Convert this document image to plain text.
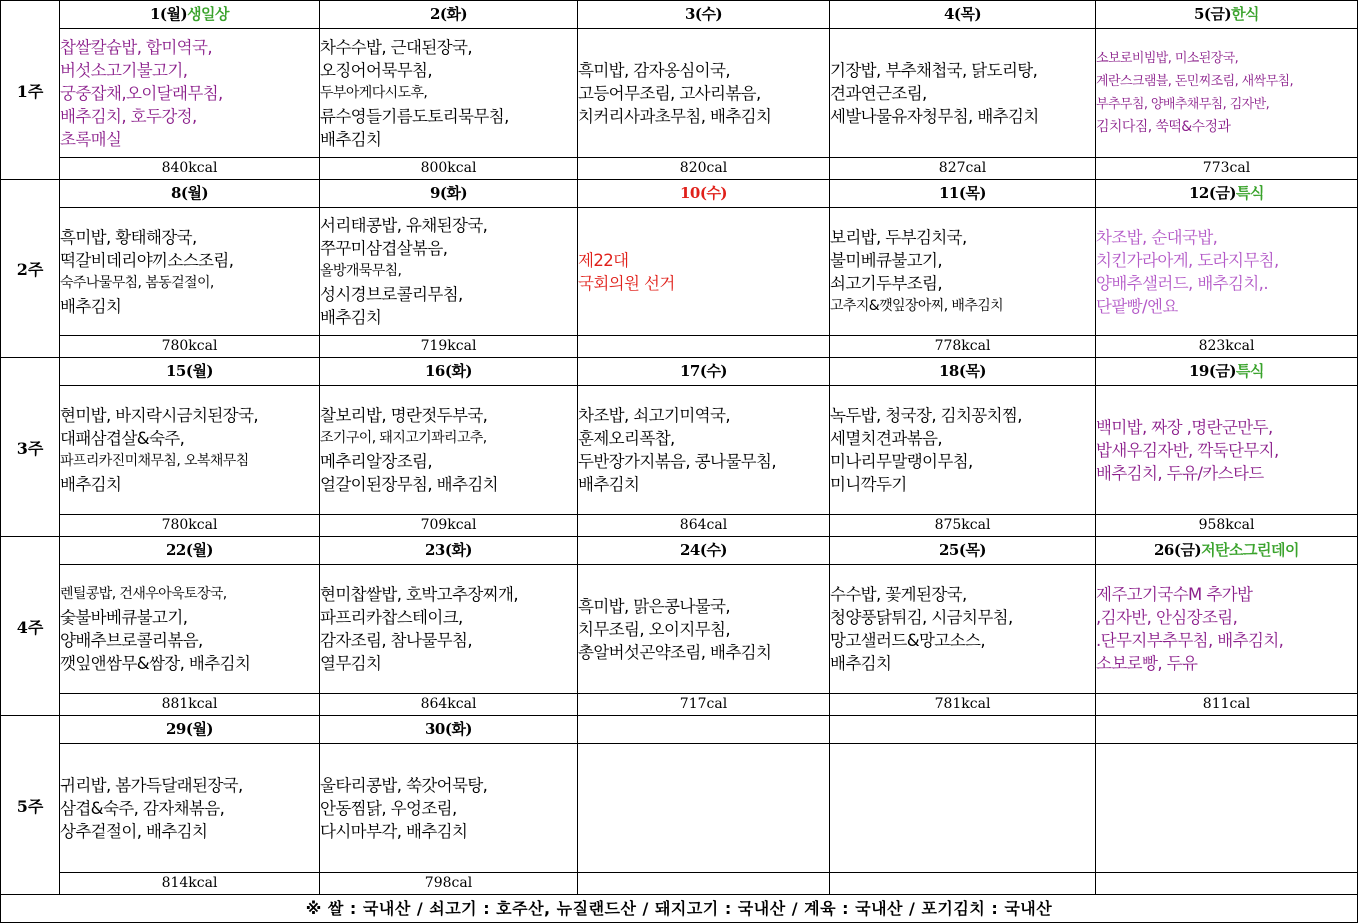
1주	1(월)생일상	2(화)	3(수)	4(목)	5(금)한식

	찹쌀칼슘밥, 합미역국,
버섯소고기불고기,
궁중잡채,오이달래무침,
배추김치, 호두강정,
초록매실	차수수밥, 근대된장국,
오징어어묵무침,
두부아게다시도후,
류수영들기름도토리묵무침,
배추김치	흑미밥, 감자옹심이국,
고등어무조림, 고사리볶음,
치커리사과초무침, 배추김치	기장밥, 부추채첩국, 닭도리탕,
견과연근조림,
세발나물유자청무침, 배추김치	소보로비빔밥, 미소된장국,
계란스크램블, 돈민찌조림, 새싹무침,
부추무침, 양배추채무침, 김자반,
김치다짐, 쑥떡&수정과

	840kcal	800kcal	820cal	827cal	773cal
2주	8(월)	9(화)	10(수)	11(목)	12(금)특식

	흑미밥, 황태해장국,
떡갈비데리야끼소스조림,
숙주나물무침, 봄동겉절이,
배추김치	서리태콩밥, 유채된장국,
쭈꾸미삼겹살볶음,
올방개묵무침,
성시경브로콜리무침,
배추김치	제22대
국회의원 선거	보리밥, 두부김치국,
불미베큐불고기,
쇠고기두부조림,
고추지&깻잎장아찌, 배추김치	차조밥, 순대국밥,
치킨가라아게, 도라지무침,
양배추샐러드, 배추김치,.
단팥빵/엔요

	780kcal	719kcal		778kcal	823kcal
3주	15(월)	16(화)	17(수)	18(목)	19(금)특식

	현미밥, 바지락시금치된장국,
대패삼겹살&숙주,
파프리카진미채무침, 오복채무침
배추김치	찰보리밥, 명란젓두부국,
조기구이, 돼지고기꽈리고추,
메추리알장조림,
얼갈이된장무침, 배추김치	차조밥, 쇠고기미역국,
훈제오리폭찹,
두반장가지볶음, 콩나물무침,
배추김치	녹두밥, 청국장, 김치꽁치찜,
세멸치견과볶음,
미나리무말랭이무침,
미니깍두기	백미밥, 짜장 ,명란군만두,
밥새우김자반, 깍둑단무지,
배추김치, 두유/카스타드

	780kcal	709kcal	864cal	875kcal	958kcal
4주	22(월)	23(화)	24(수)	25(목)	26(금)저탄소그린데이

	렌틸콩밥, 건새우아욱토장국,
숯불바베큐불고기,
양배추브로콜리볶음,
깻잎앤쌈무&쌈장, 배추김치	현미찹쌀밥, 호박고추장찌개,
파프리카찹스테이크,
감자조림, 참나물무침,
열무김치	흑미밥, 맑은콩나물국,
치무조림, 오이지무침,
총알버섯곤약조림, 배추김치	수수밥, 꽃게된장국,
청양풍닭튀김, 시금치무침,
망고샐러드&망고소스,
배추김치	제주고기국수M 추가밥
,김자반, 안심장조림,
.단무지부추무침, 배추김치,
소보로빵, 두유

	881kcal	864kcal	717cal	781kcal	811cal
5주	29(월)	30(화)			

	귀리밥, 봄가득달래된장국,
삼겹&숙주, 감자채볶음,
상추겉절이, 배추김치	울타리콩밥, 쑥갓어묵탕,
안동찜닭, 우엉조림,
다시마부각, 배추김치			

	814kcal	798cal			
※ 쌀 : 국내산 / 쇠고기 : 호주산, 뉴질랜드산 / 돼지고기 : 국내산 / 계육 : 국내산 / 포기김치 : 국내산					
